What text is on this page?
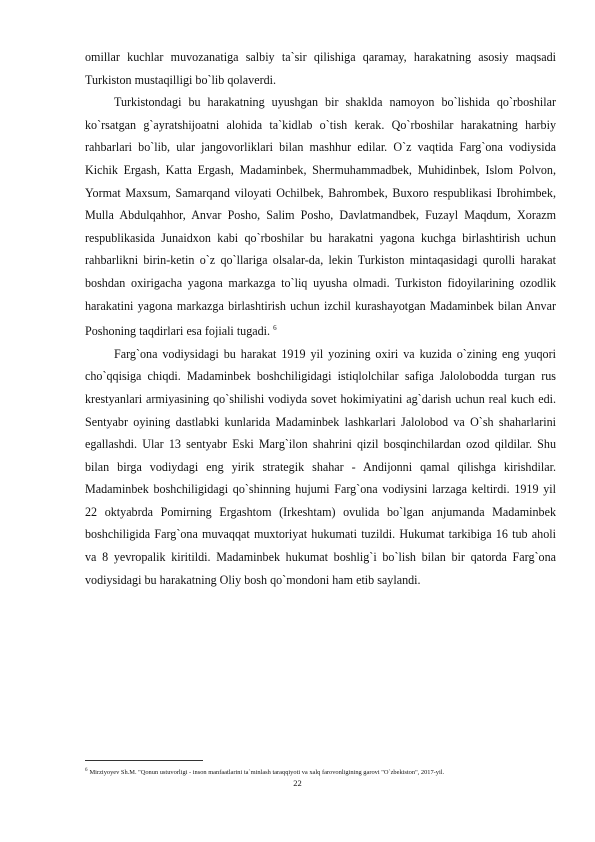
omillar kuchlar muvozanatiga salbiy ta`sir qilishiga qaramay, harakatning asosiy maqsadi Turkiston mustaqilligi bo`lib qolaverdi.

Turkistondagi bu harakatning uyushgan bir shaklda namoyon bo`lishida qo`rboshilar ko`rsatgan g`ayratshijoatni alohida ta`kidlab o`tish kerak. Qo`rboshilar harakatning harbiy rahbarlari bo`lib, ular jangovorliklari bilan mashhur edilar. O`z vaqtida Farg`ona vodiysida Kichik Ergash, Katta Ergash, Madaminbek, Shermuhammadbek, Muhidinbek, Islom Polvon, Yormat Maxsum, Samarqand viloyati Ochilbek, Bahrombek, Buxoro respublikasi Ibrohimbek, Mulla Abdulqahhor, Anvar Posho, Salim Posho, Davlatmandbek, Fuzayl Maqdum, Xorazm respublikasida Junaidxon kabi qo`rboshilar bu harakatni yagona kuchga birlashtirish uchun rahbarlikni birin-ketin o`z qo`llariga olsalar-da, lekin Turkiston mintaqasidagi qurolli harakat boshdan oxirigacha yagona markazga to`liq uyusha olmadi. Turkiston fidoyilarining ozodlik harakatini yagona markazga birlashtirish uchun izchil kurashayotgan Madaminbek bilan Anvar Poshoning taqdirlari esa fojiali tugadi. $^6$

Farg`ona vodiysidagi bu harakat 1919 yil yozining oxiri va kuzida o`zining eng yuqori cho`qqisiga chiqdi. Madaminbek boshchiligidagi istiqlolchilar safiga Jalolobodda turgan rus krestyanlari armiyasining qo`shilishi vodiyda sovet hokimiyatini ag`darish uchun real kuch edi. Sentyabr oyining dastlabki kunlarida Madaminbek lashkarlari Jalolobod va O`sh shaharlarini egallashdi. Ular 13 sentyabr Eski Marg`ilon shahrini qizil bosqinchilardan ozod qildilar. Shu bilan birga vodiydagi eng yirik strategik shahar - Andijonni qamal qilishga kirishdilar. Madaminbek boshchiligidagi qo`shinning hujumi Farg`ona vodiysini larzaga keltirdi. 1919 yil 22 oktyabrda Pomirning Ergashtom (Irkeshtam) ovulida bo`lgan anjumanda Madaminbek boshchiligida Farg`ona muvaqqat muxtoriyat hukumati tuzildi. Hukumat tarkibiga 16 tub aholi va 8 yevropalik kiritildi. Madaminbek hukumat boshlig`i bo`lish bilan bir qatorda Farg`ona vodiysidagi bu harakatning Oliy bosh qo`mondoni ham etib saylandi.

$^6$ Mirziyoyev Sh.M. "Qonun ustuvorligi - inson manfaatlarini ta`minlash taraqqiyoti va xalq farovonligining garovi "O`zbekiston", 2017-yil.
22
